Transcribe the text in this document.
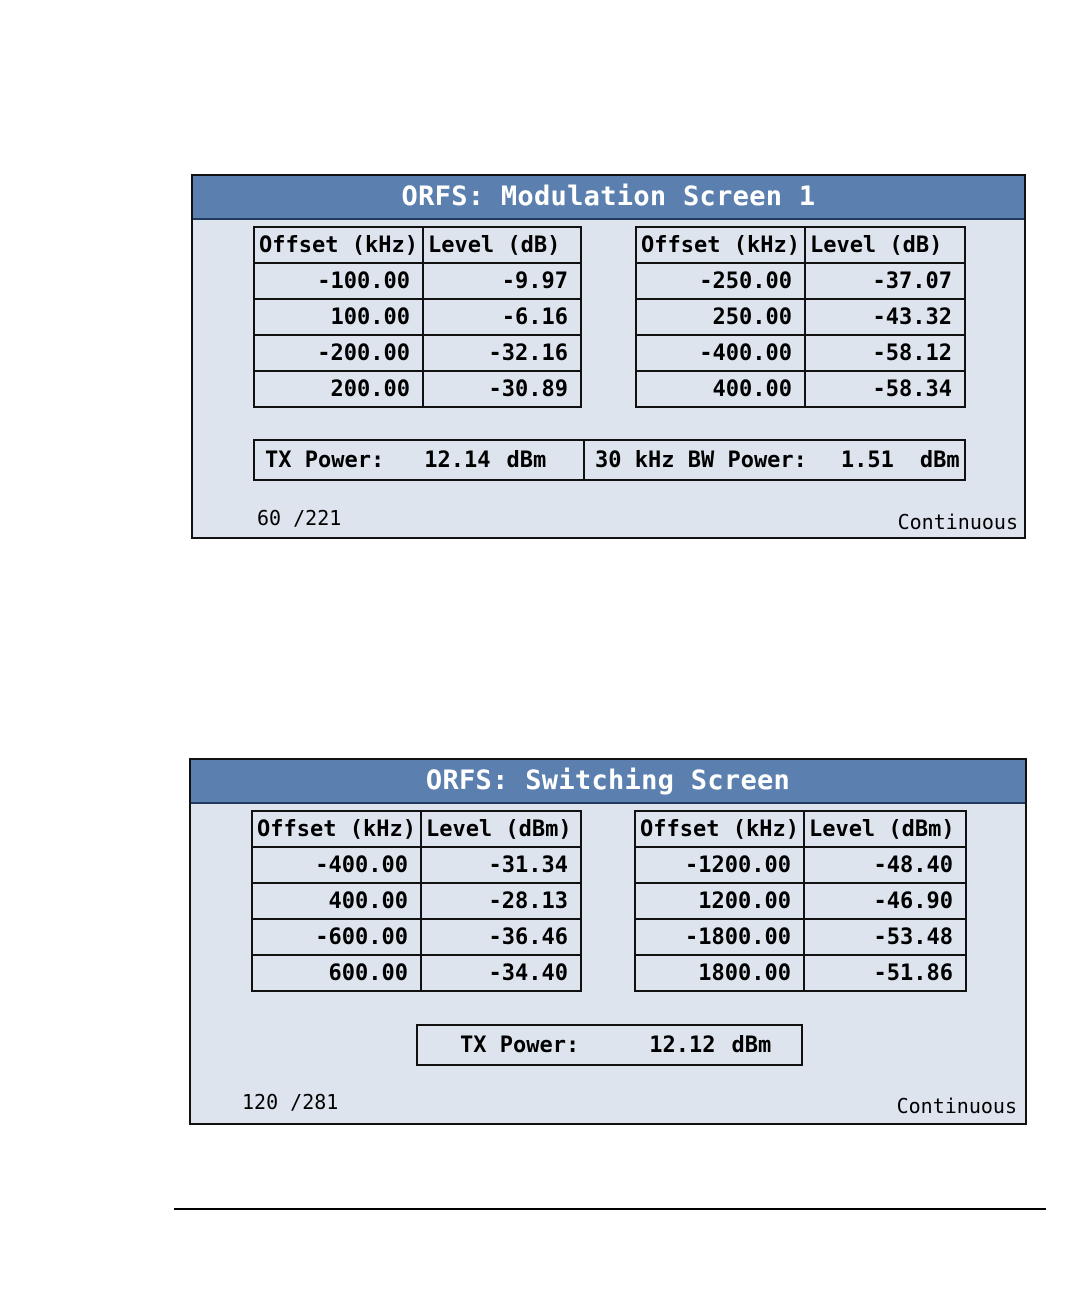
ORFS: Modulation Screen 1
Offset (kHz)	Level (dB)
-100.00	-9.97
100.00	-6.16
-200.00	-32.16
200.00	-30.89
Offset (kHz)	Level (dB)
-250.00	-37.07
250.00	-43.32
-400.00	-58.12
400.00	-58.34
TX Power: 12.14 dBm 30 kHz BW Power: 1.51 dBm
60 /221	Continuous
ORFS: Switching Screen
Offset (kHz)	Level (dBm)
-400.00	-31.34
400.00	-28.13
-600.00	-36.46
600.00	-34.40
Offset (kHz)	Level (dBm)
-1200.00	-48.40
1200.00	-46.90
-1800.00	-53.48
1800.00	-51.86
TX Power:	12.12 dBm
120 /281	Continuous
